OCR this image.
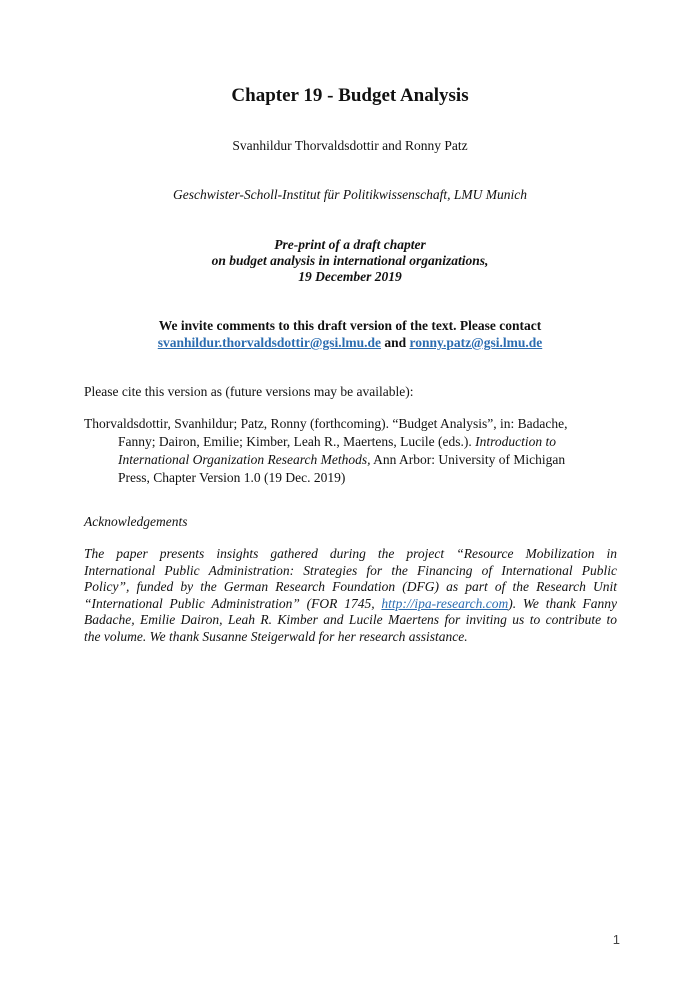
Chapter 19 - Budget Analysis
Svanhildur Thorvaldsdottir and Ronny Patz
Geschwister-Scholl-Institut für Politikwissenschaft, LMU Munich
Pre-print of a draft chapter
on budget analysis in international organizations,
19 December 2019
We invite comments to this draft version of the text. Please contact
svanhildur.thorvaldsdottir@gsi.lmu.de and ronny.patz@gsi.lmu.de
Please cite this version as (future versions may be available):
Thorvaldsdottir, Svanhildur; Patz, Ronny (forthcoming). “Budget Analysis”, in: Badache,
Fanny; Dairon, Emilie; Kimber, Leah R., Maertens, Lucile (eds.). Introduction to
International Organization Research Methods, Ann Arbor: University of Michigan
Press, Chapter Version 1.0 (19 Dec. 2019)
Acknowledgements
The paper presents insights gathered during the project “Resource Mobilization in
International Public Administration: Strategies for the Financing of International Public
Policy”, funded by the German Research Foundation (DFG) as part of the Research Unit
“International Public Administration” (FOR 1745, http://ipa-research.com). We thank Fanny
Badache, Emilie Dairon, Leah R. Kimber and Lucile Maertens for inviting us to contribute to
the volume. We thank Susanne Steigerwald for her research assistance.
1
